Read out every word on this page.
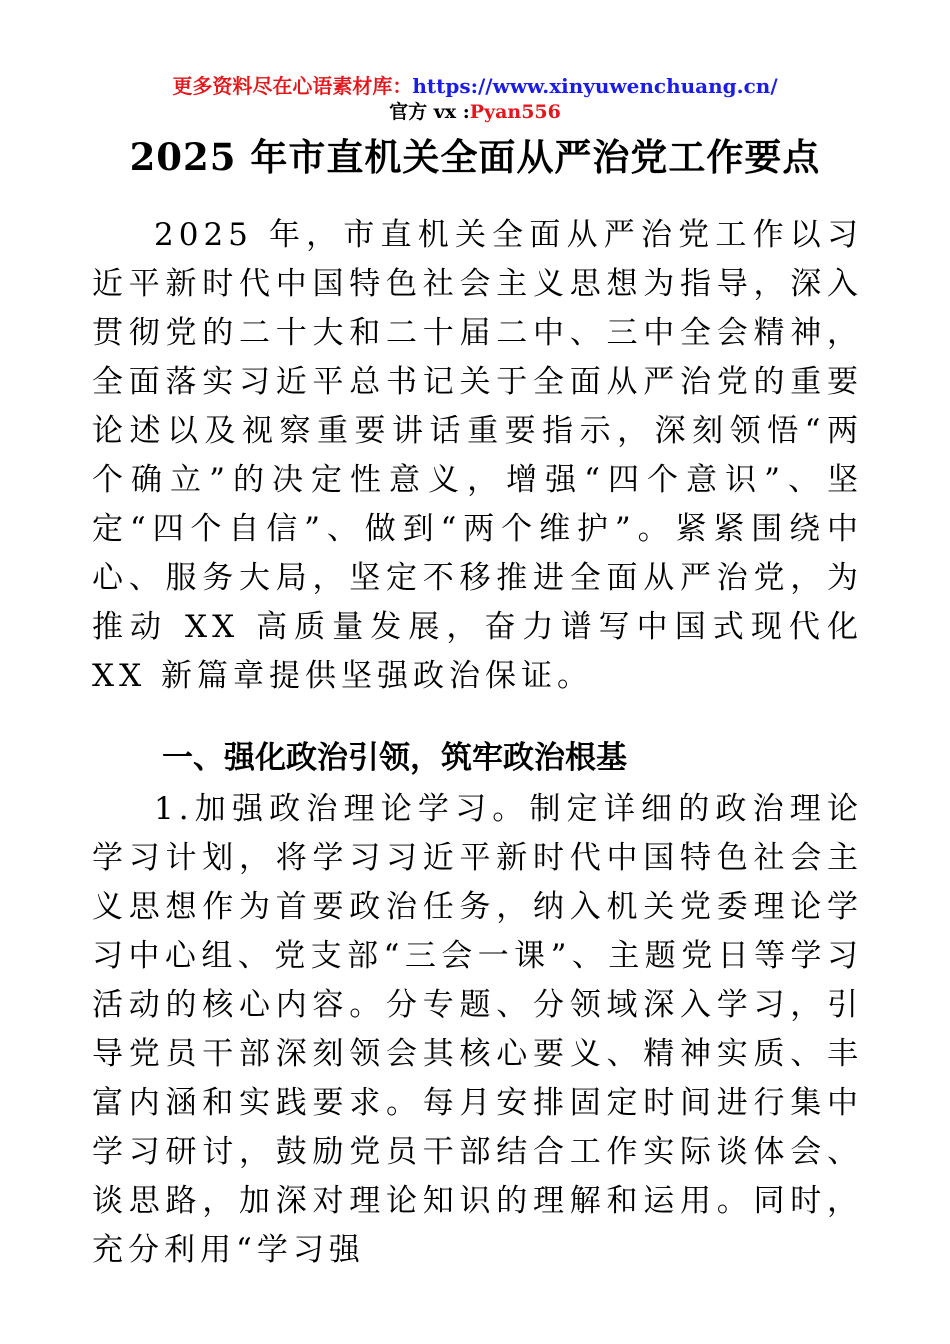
更多资料尽在心语素材库：https://www.xinyuwenchuang.cn/
官方 vx :Pyan556
2025 年市直机关全面从严治党工作要点

2025 年，市直机关全面从严治党工作以习近平新时代中国特色社会主义思想为指导，深入贯彻党的二十大和二十届二中、三中全会精神，全面落实习近平总书记关于全面从严治党的重要论述以及视察重要讲话重要指示，深刻领悟“两个确立”的决定性意义，增强“四个意识”、坚定“四个自信”、做到“两个维护”。紧紧围绕中心、服务大局，坚定不移推进全面从严治党，为推动 XX 高质量发展，奋力谱写中国式现代化 XX 新篇章提供坚强政治保证。

一、强化政治引领，筑牢政治根基

1.加强政治理论学习。制定详细的政治理论学习计划，将学习习近平新时代中国特色社会主义思想作为首要政治任务，纳入机关党委理论学习中心组、党支部“三会一课”、主题党日等学习活动的核心内容。分专题、分领域深入学习，引导党员干部深刻领会其核心要义、精神实质、丰富内涵和实践要求。每月安排固定时间进行集中学习研讨，鼓励党员干部结合工作实际谈体会、谈思路，加深对理论知识的理解和运用。同时，充分利用“学习强
